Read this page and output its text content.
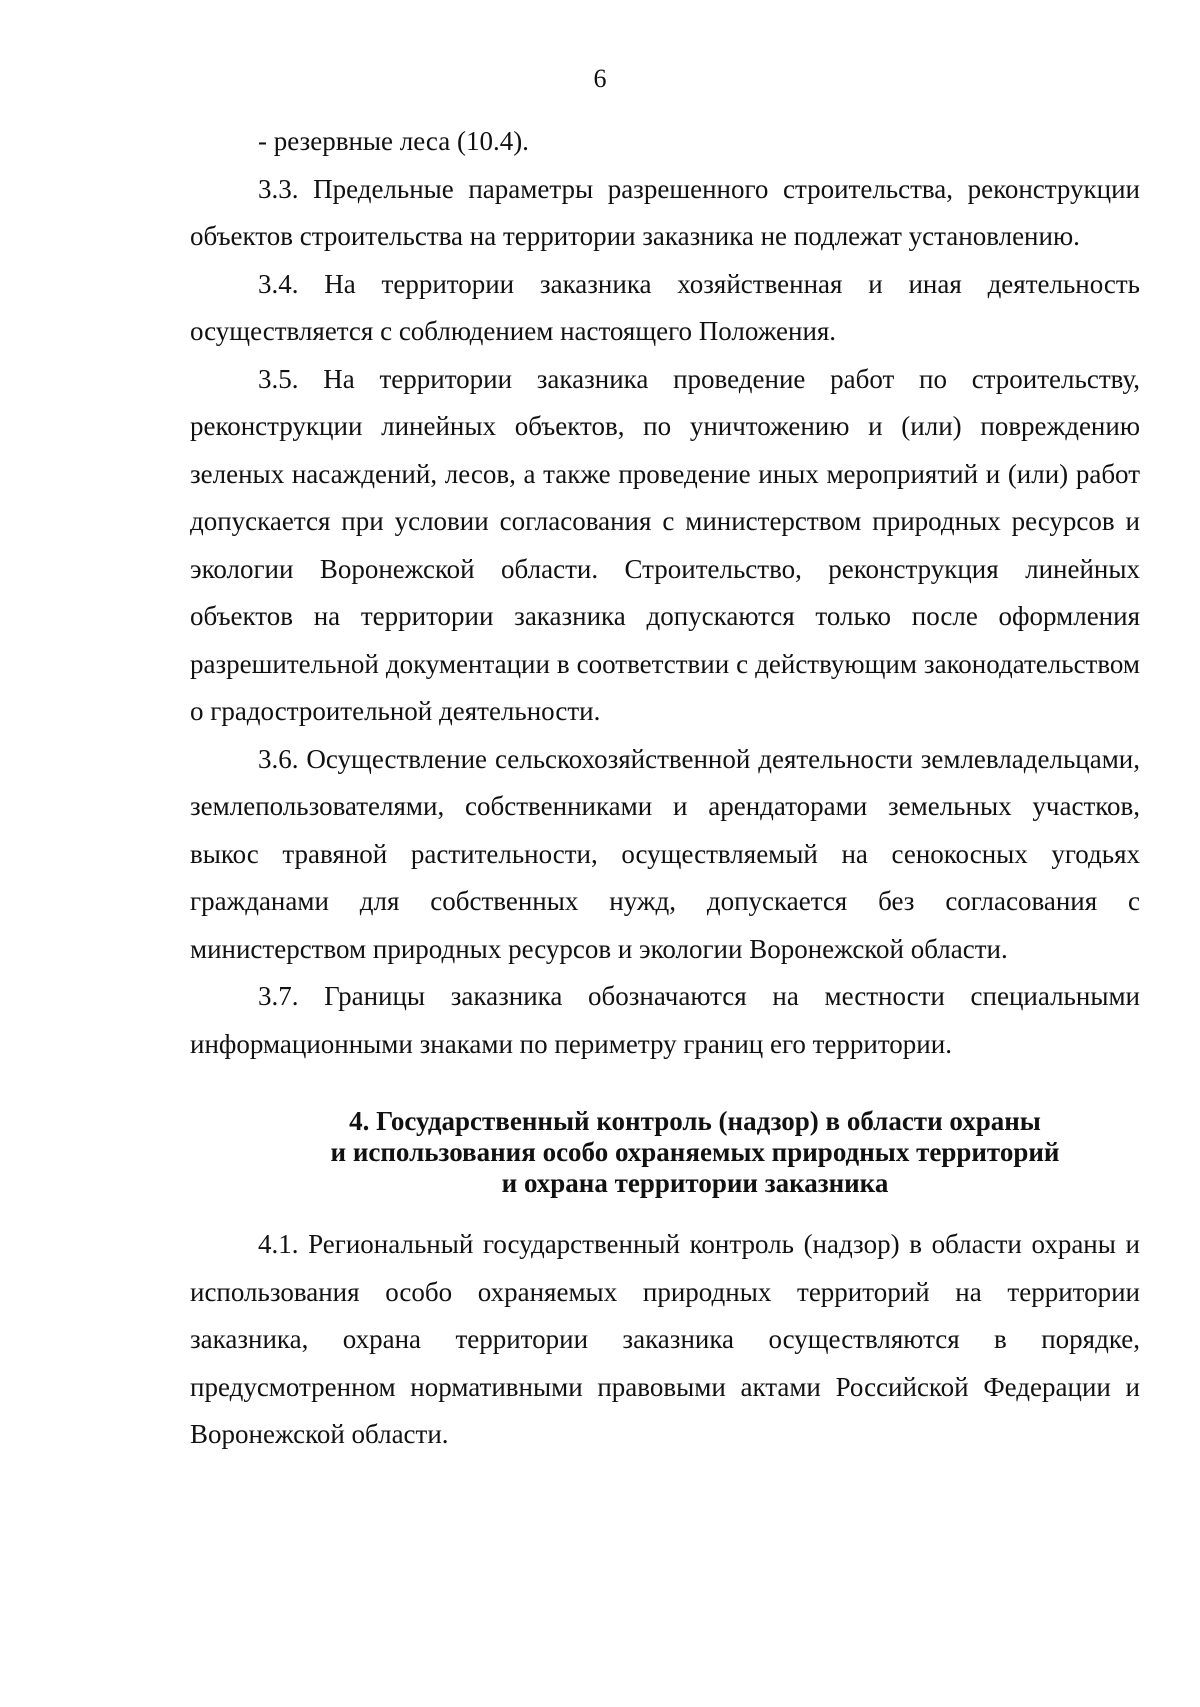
6

- резервные леса (10.4).

3.3. Предельные параметры разрешенного строительства, реконструкции объектов строительства на территории заказника не подлежат установлению.

3.4. На территории заказника хозяйственная и иная деятельность осуществляется с соблюдением настоящего Положения.

3.5. На территории заказника проведение работ по строительству, реконструкции линейных объектов, по уничтожению и (или) повреждению зеленых насаждений, лесов, а также проведение иных мероприятий и (или) работ допускается при условии согласования с министерством природных ресурсов и экологии Воронежской области. Строительство, реконструкция линейных объектов на территории заказника допускаются только после оформления разрешительной документации в соответствии с действующим законодательством о градостроительной деятельности.

3.6. Осуществление сельскохозяйственной деятельности землевладельцами, землепользователями, собственниками и арендаторами земельных участков, выкос травяной растительности, осуществляемый на сенокосных угодьях гражданами для собственных нужд, допускается без согласования с министерством природных ресурсов и экологии Воронежской области.

3.7. Границы заказника обозначаются на местности специальными информационными знаками по периметру границ его территории.

4. Государственный контроль (надзор) в области охраны
и использования особо охраняемых природных территорий
и охрана территории заказника

4.1. Региональный государственный контроль (надзор) в области охраны и использования особо охраняемых природных территорий на территории заказника, охрана территории заказника осуществляются в порядке, предусмотренном нормативными правовыми актами Российской Федерации и Воронежской области.
